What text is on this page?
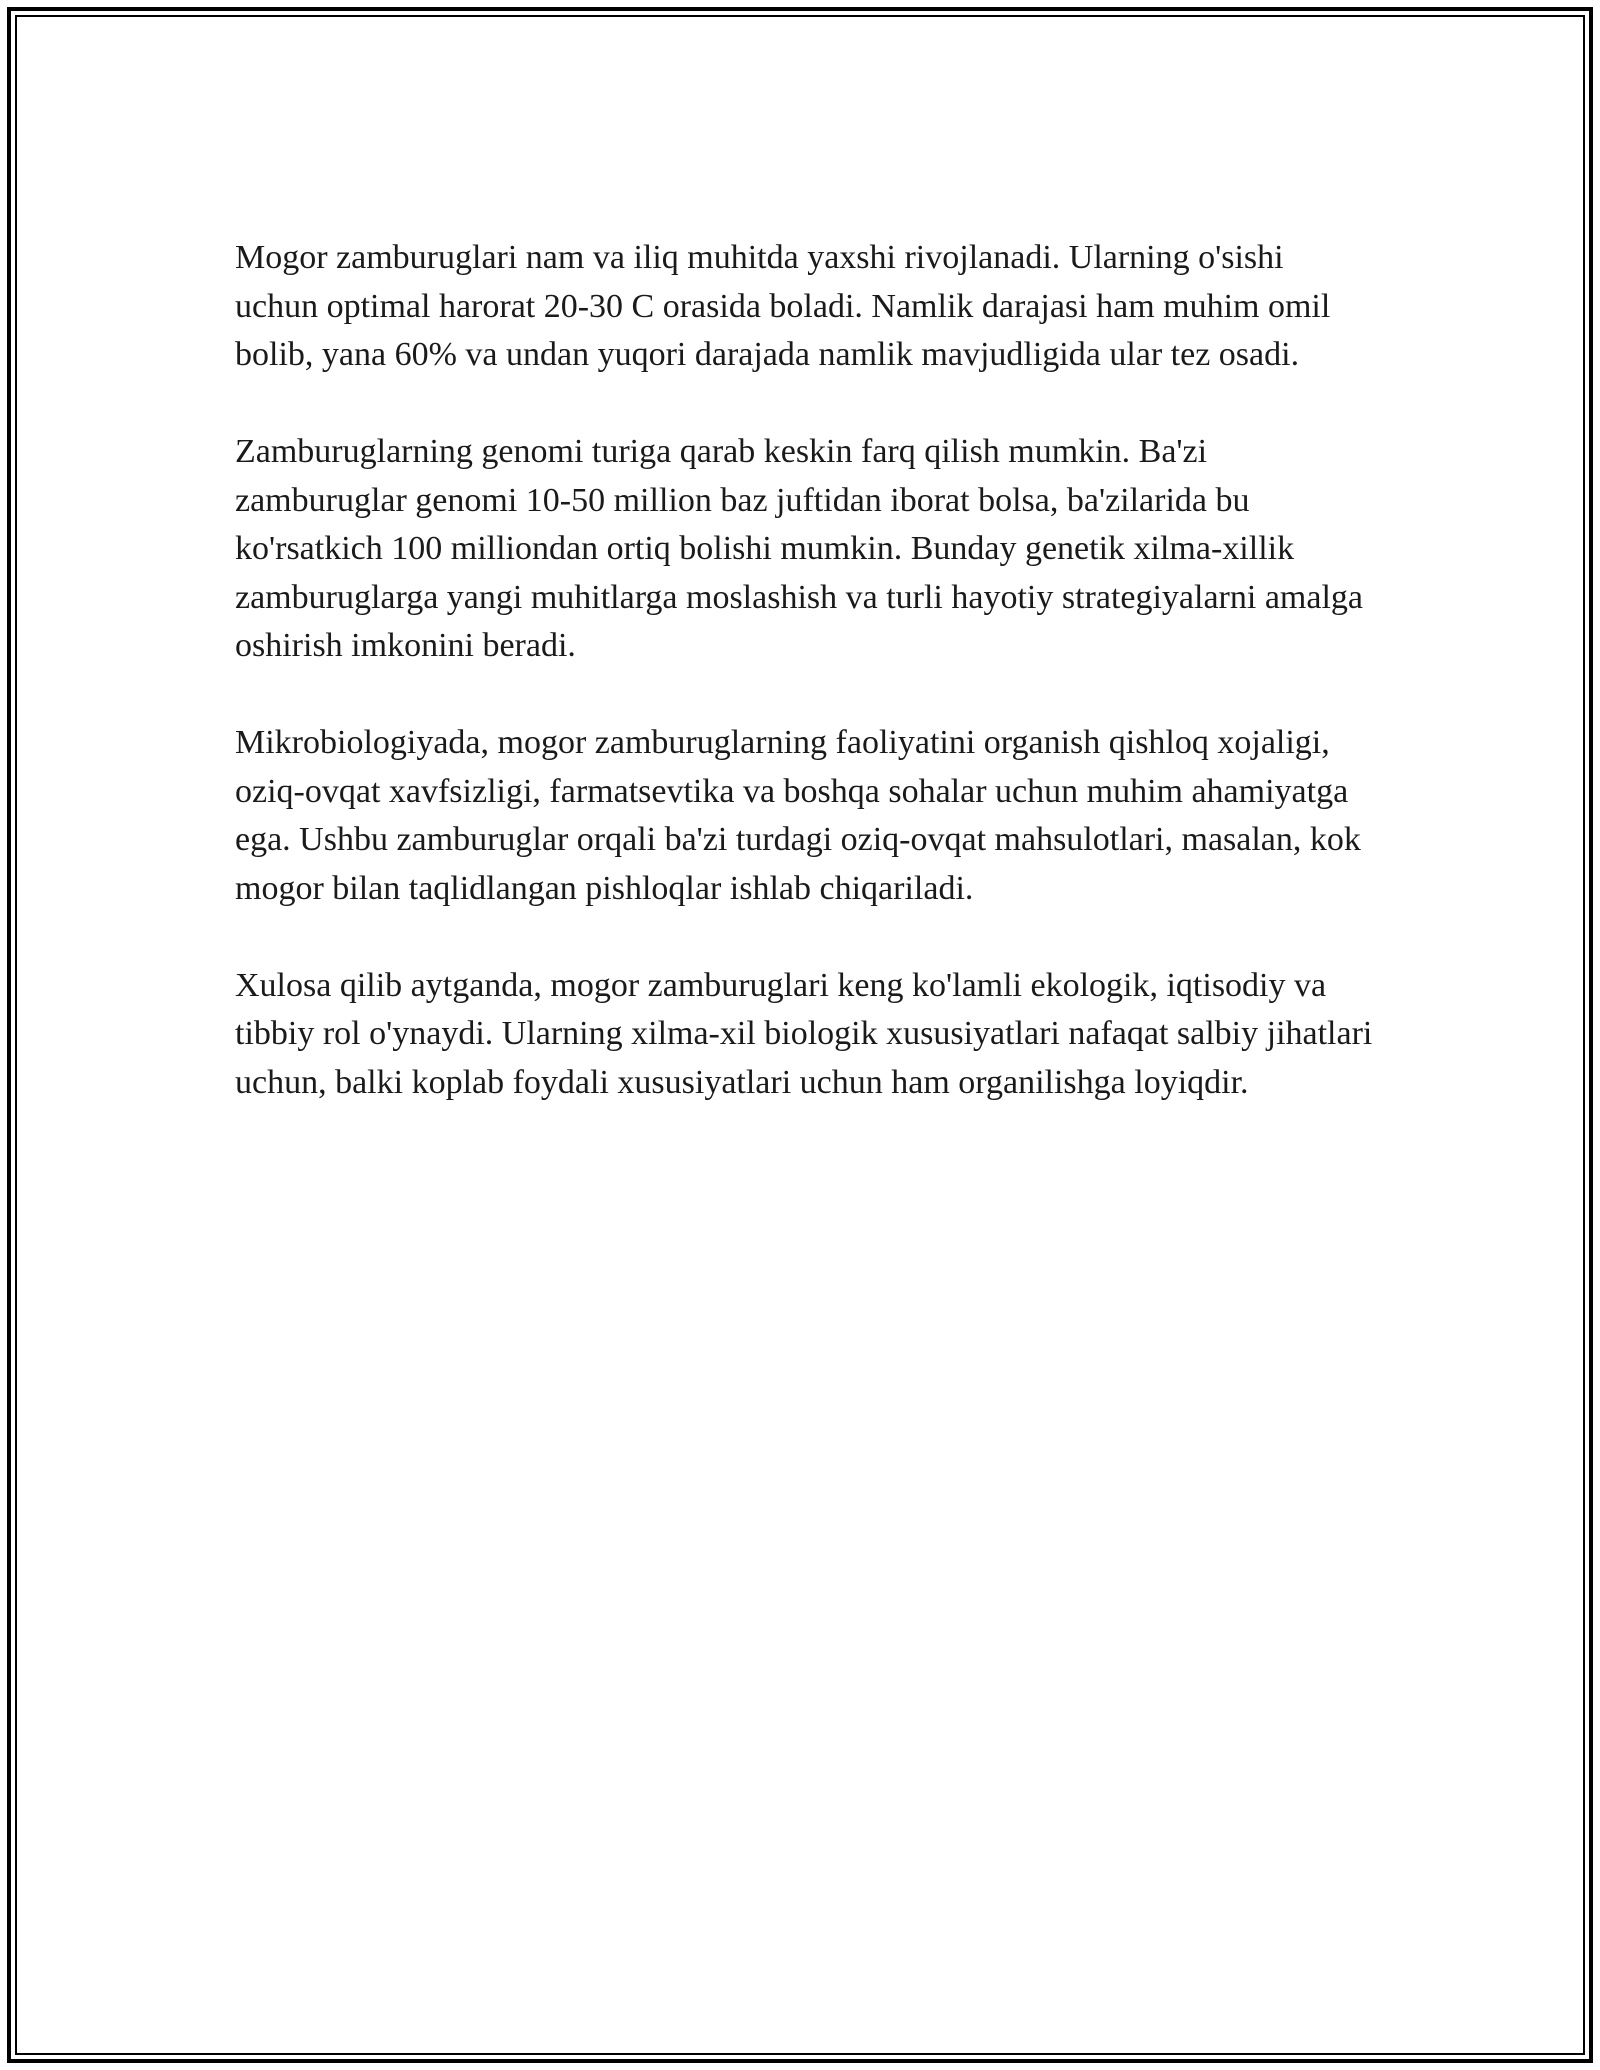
Mogor zamburuglari nam va iliq muhitda yaxshi rivojlanadi. Ularning o'sishi uchun optimal harorat 20-30 C orasida boladi. Namlik darajasi ham muhim omil bolib, yana 60% va undan yuqori darajada namlik mavjudligida ular tez osadi.

Zamburuglarning genomi turiga qarab keskin farq qilish mumkin. Ba'zi zamburuglar genomi 10-50 million baz juftidan iborat bolsa, ba'zilarida bu ko'rsatkich 100 milliondan ortiq bolishi mumkin. Bunday genetik xilma-xillik zamburuglarga yangi muhitlarga moslashish va turli hayotiy strategiyalarni amalga oshirish imkonini beradi.

Mikrobiologiyada, mogor zamburuglarning faoliyatini organish qishloq xojaligi, oziq-ovqat xavfsizligi, farmatsevtika va boshqa sohalar uchun muhim ahamiyatga ega. Ushbu zamburuglar orqali ba'zi turdagi oziq-ovqat mahsulotlari, masalan, kok mogor bilan taqlidlangan pishloqlar ishlab chiqariladi.

Xulosa qilib aytganda, mogor zamburuglari keng ko'lamli ekologik, iqtisodiy va tibbiy rol o'ynaydi. Ularning xilma-xil biologik xususiyatlari nafaqat salbiy jihatlari uchun, balki koplab foydali xususiyatlari uchun ham organilishga loyiqdir.
